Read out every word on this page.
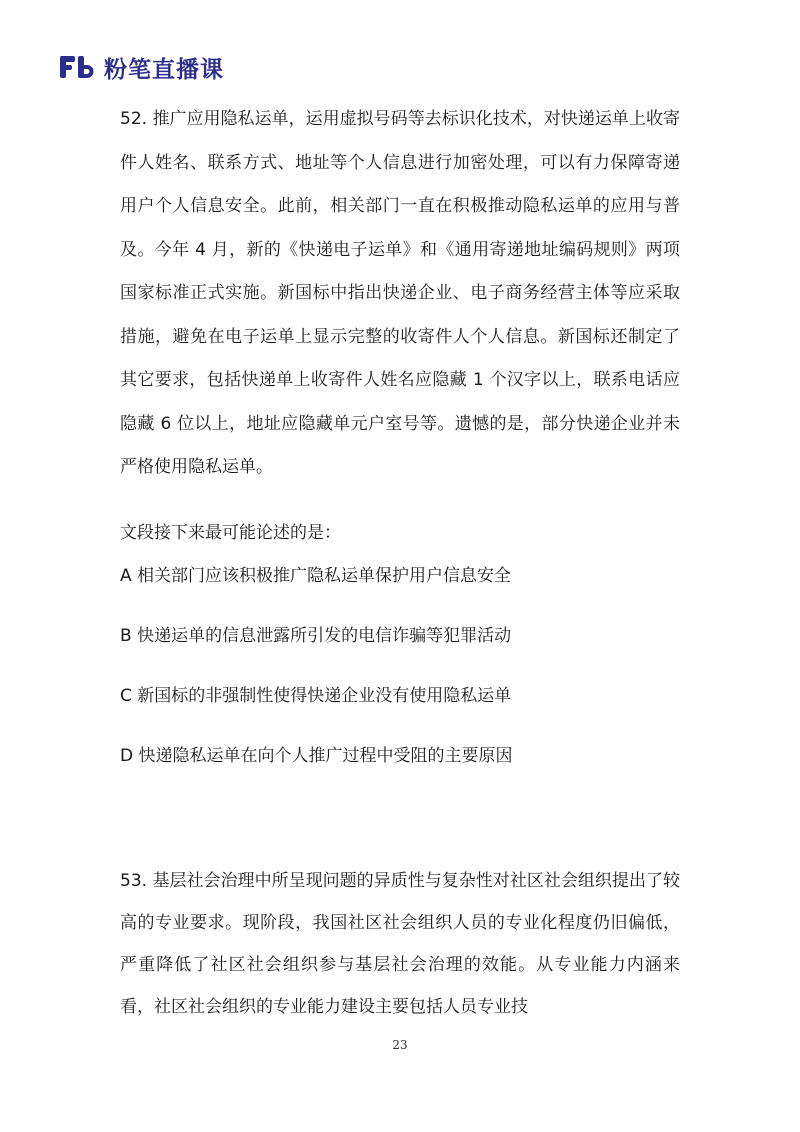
粉笔直播课

52. 推广应用隐私运单，运用虚拟号码等去标识化技术，对快递运单上收寄件人姓名、联系方式、地址等个人信息进行加密处理，可以有力保障寄递用户个人信息安全。此前，相关部门一直在积极推动隐私运单的应用与普及。今年 4 月，新的《快递电子运单》和《通用寄递地址编码规则》两项国家标准正式实施。新国标中指出快递企业、电子商务经营主体等应采取措施，避免在电子运单上显示完整的收寄件人个人信息。新国标还制定了其它要求，包括快递单上收寄件人姓名应隐藏 1 个汉字以上，联系电话应隐藏 6 位以上，地址应隐藏单元户室号等。遗憾的是，部分快递企业并未严格使用隐私运单。

文段接下来最可能论述的是：

A 相关部门应该积极推广隐私运单保护用户信息安全

B 快递运单的信息泄露所引发的电信诈骗等犯罪活动

C 新国标的非强制性使得快递企业没有使用隐私运单

D 快递隐私运单在向个人推广过程中受阻的主要原因

53. 基层社会治理中所呈现问题的异质性与复杂性对社区社会组织提出了较高的专业要求。现阶段，我国社区社会组织人员的专业化程度仍旧偏低，严重降低了社区社会组织参与基层社会治理的效能。从专业能力内涵来看，社区社会组织的专业能力建设主要包括人员专业技

23
